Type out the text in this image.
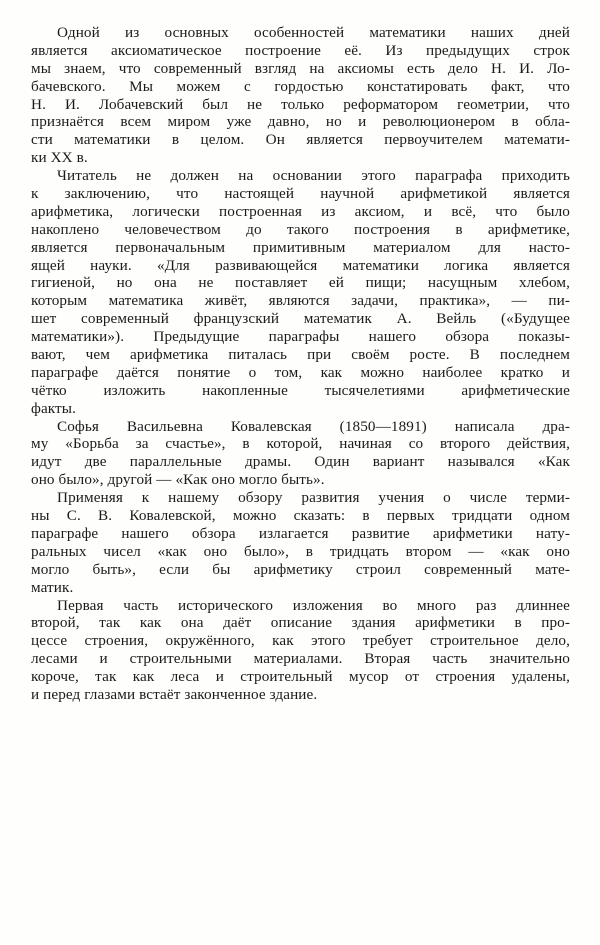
Одной из основных особенностей математики наших дней
является аксиоматическое построение её. Из предыдущих строк
мы знаем, что современный взгляд на аксиомы есть дело Н. И. Ло-
бачевского. Мы можем с гордостью констатировать факт, что
Н. И. Лобачевский был не только реформатором геометрии, что
признаётся всем миром уже давно, но и революционером в обла-
сти математики в целом. Он является первоучителем математи-
ки XX в.
Читатель не должен на основании этого параграфа приходить
к заключению, что настоящей научной арифметикой является
арифметика, логически построенная из аксиом, и всё, что было
накоплено человечеством до такого построения в арифметике,
является первоначальным примитивным материалом для насто-
ящей науки. «Для развивающейся математики логика является
гигиеной, но она не поставляет ей пищи; насущным хлебом,
которым математика живёт, являются задачи, практика», — пи-
шет современный французский математик А. Вейль («Будущее
математики»). Предыдущие параграфы нашего обзора показы-
вают, чем арифметика питалась при своём росте. В последнем
параграфе даётся понятие о том, как можно наиболее кратко и
чётко изложить накопленные тысячелетиями арифметические
факты.
Софья Васильевна Ковалевская (1850—1891) написала дра-
му «Борьба за счастье», в которой, начиная со второго действия,
идут две параллельные драмы. Один вариант назывался «Как
оно было», другой — «Как оно могло быть».
Применяя к нашему обзору развития учения о числе терми-
ны С. В. Ковалевской, можно сказать: в первых тридцати одном
параграфе нашего обзора излагается развитие арифметики нату-
ральных чисел «как оно было», в тридцать втором — «как оно
могло быть», если бы арифметику строил современный мате-
матик.
Первая часть исторического изложения во много раз длиннее
второй, так как она даёт описание здания арифметики в про-
цессе строения, окружённого, как этого требует строительное дело,
лесами и строительными материалами. Вторая часть значительно
короче, так как леса и строительный мусор от строения удалены,
и перед глазами встаёт законченное здание.
